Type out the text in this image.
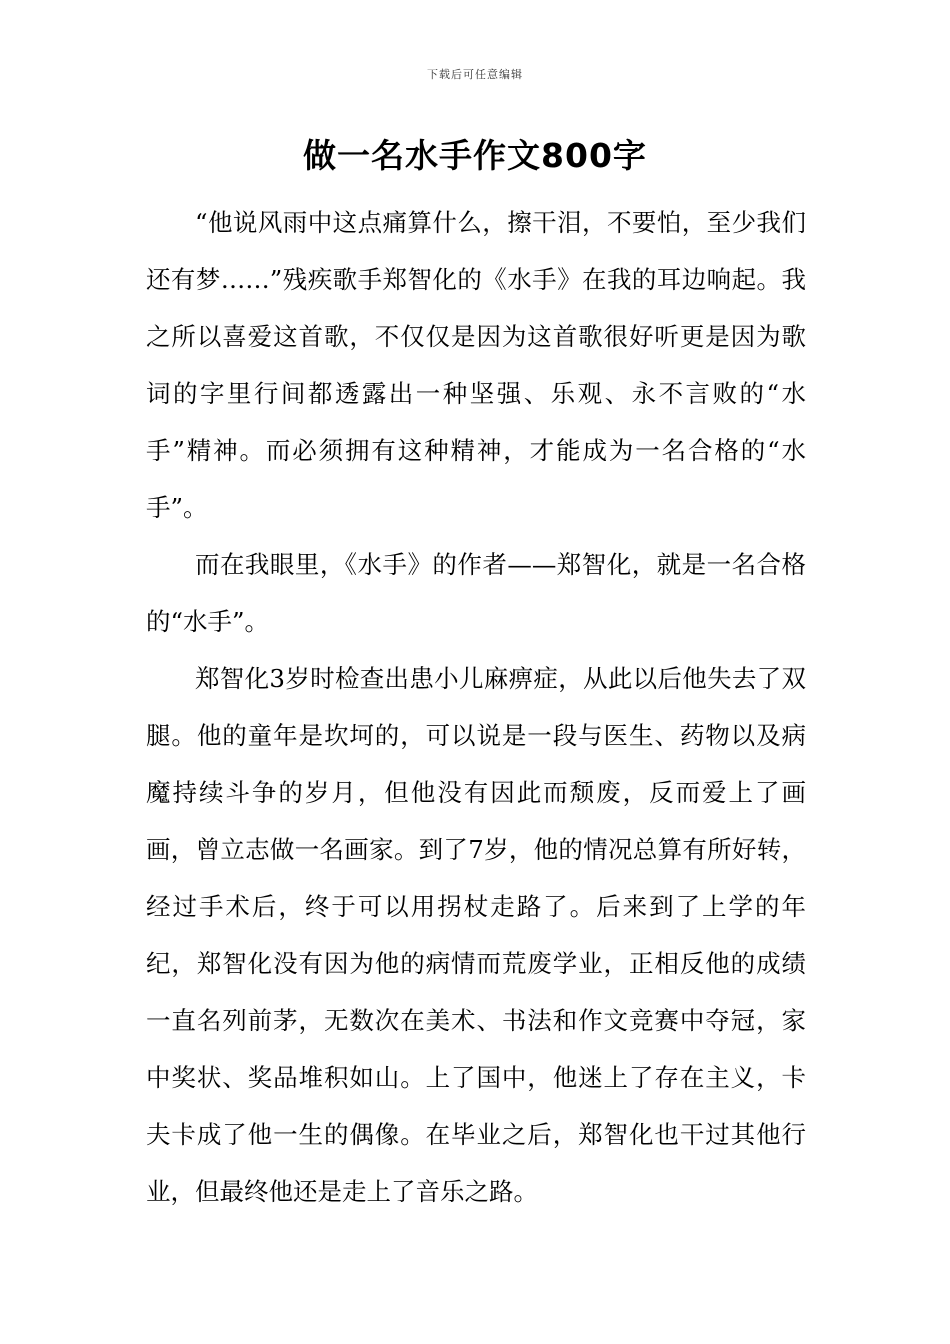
下载后可任意编辑
做一名水手作文800字

“他说风雨中这点痛算什么，擦干泪，不要怕，至少我们还有梦……”残疾歌手郑智化的《水手》在我的耳边响起。我之所以喜爱这首歌，不仅仅是因为这首歌很好听更是因为歌词的字里行间都透露出一种坚强、乐观、永不言败的“水手”精神。而必须拥有这种精神，才能成为一名合格的“水手”。

而在我眼里，《水手》的作者——郑智化，就是一名合格的“水手”。

郑智化3岁时检查出患小儿麻痹症，从此以后他失去了双腿。他的童年是坎坷的，可以说是一段与医生、药物以及病魔持续斗争的岁月，但他没有因此而颓废，反而爱上了画画，曾立志做一名画家。到了7岁，他的情况总算有所好转，经过手术后，终于可以用拐杖走路了。后来到了上学的年纪，郑智化没有因为他的病情而荒废学业，正相反他的成绩一直名列前茅，无数次在美术、书法和作文竞赛中夺冠，家中奖状、奖品堆积如山。上了国中，他迷上了存在主义，卡夫卡成了他一生的偶像。在毕业之后，郑智化也干过其他行业，但最终他还是走上了音乐之路。
